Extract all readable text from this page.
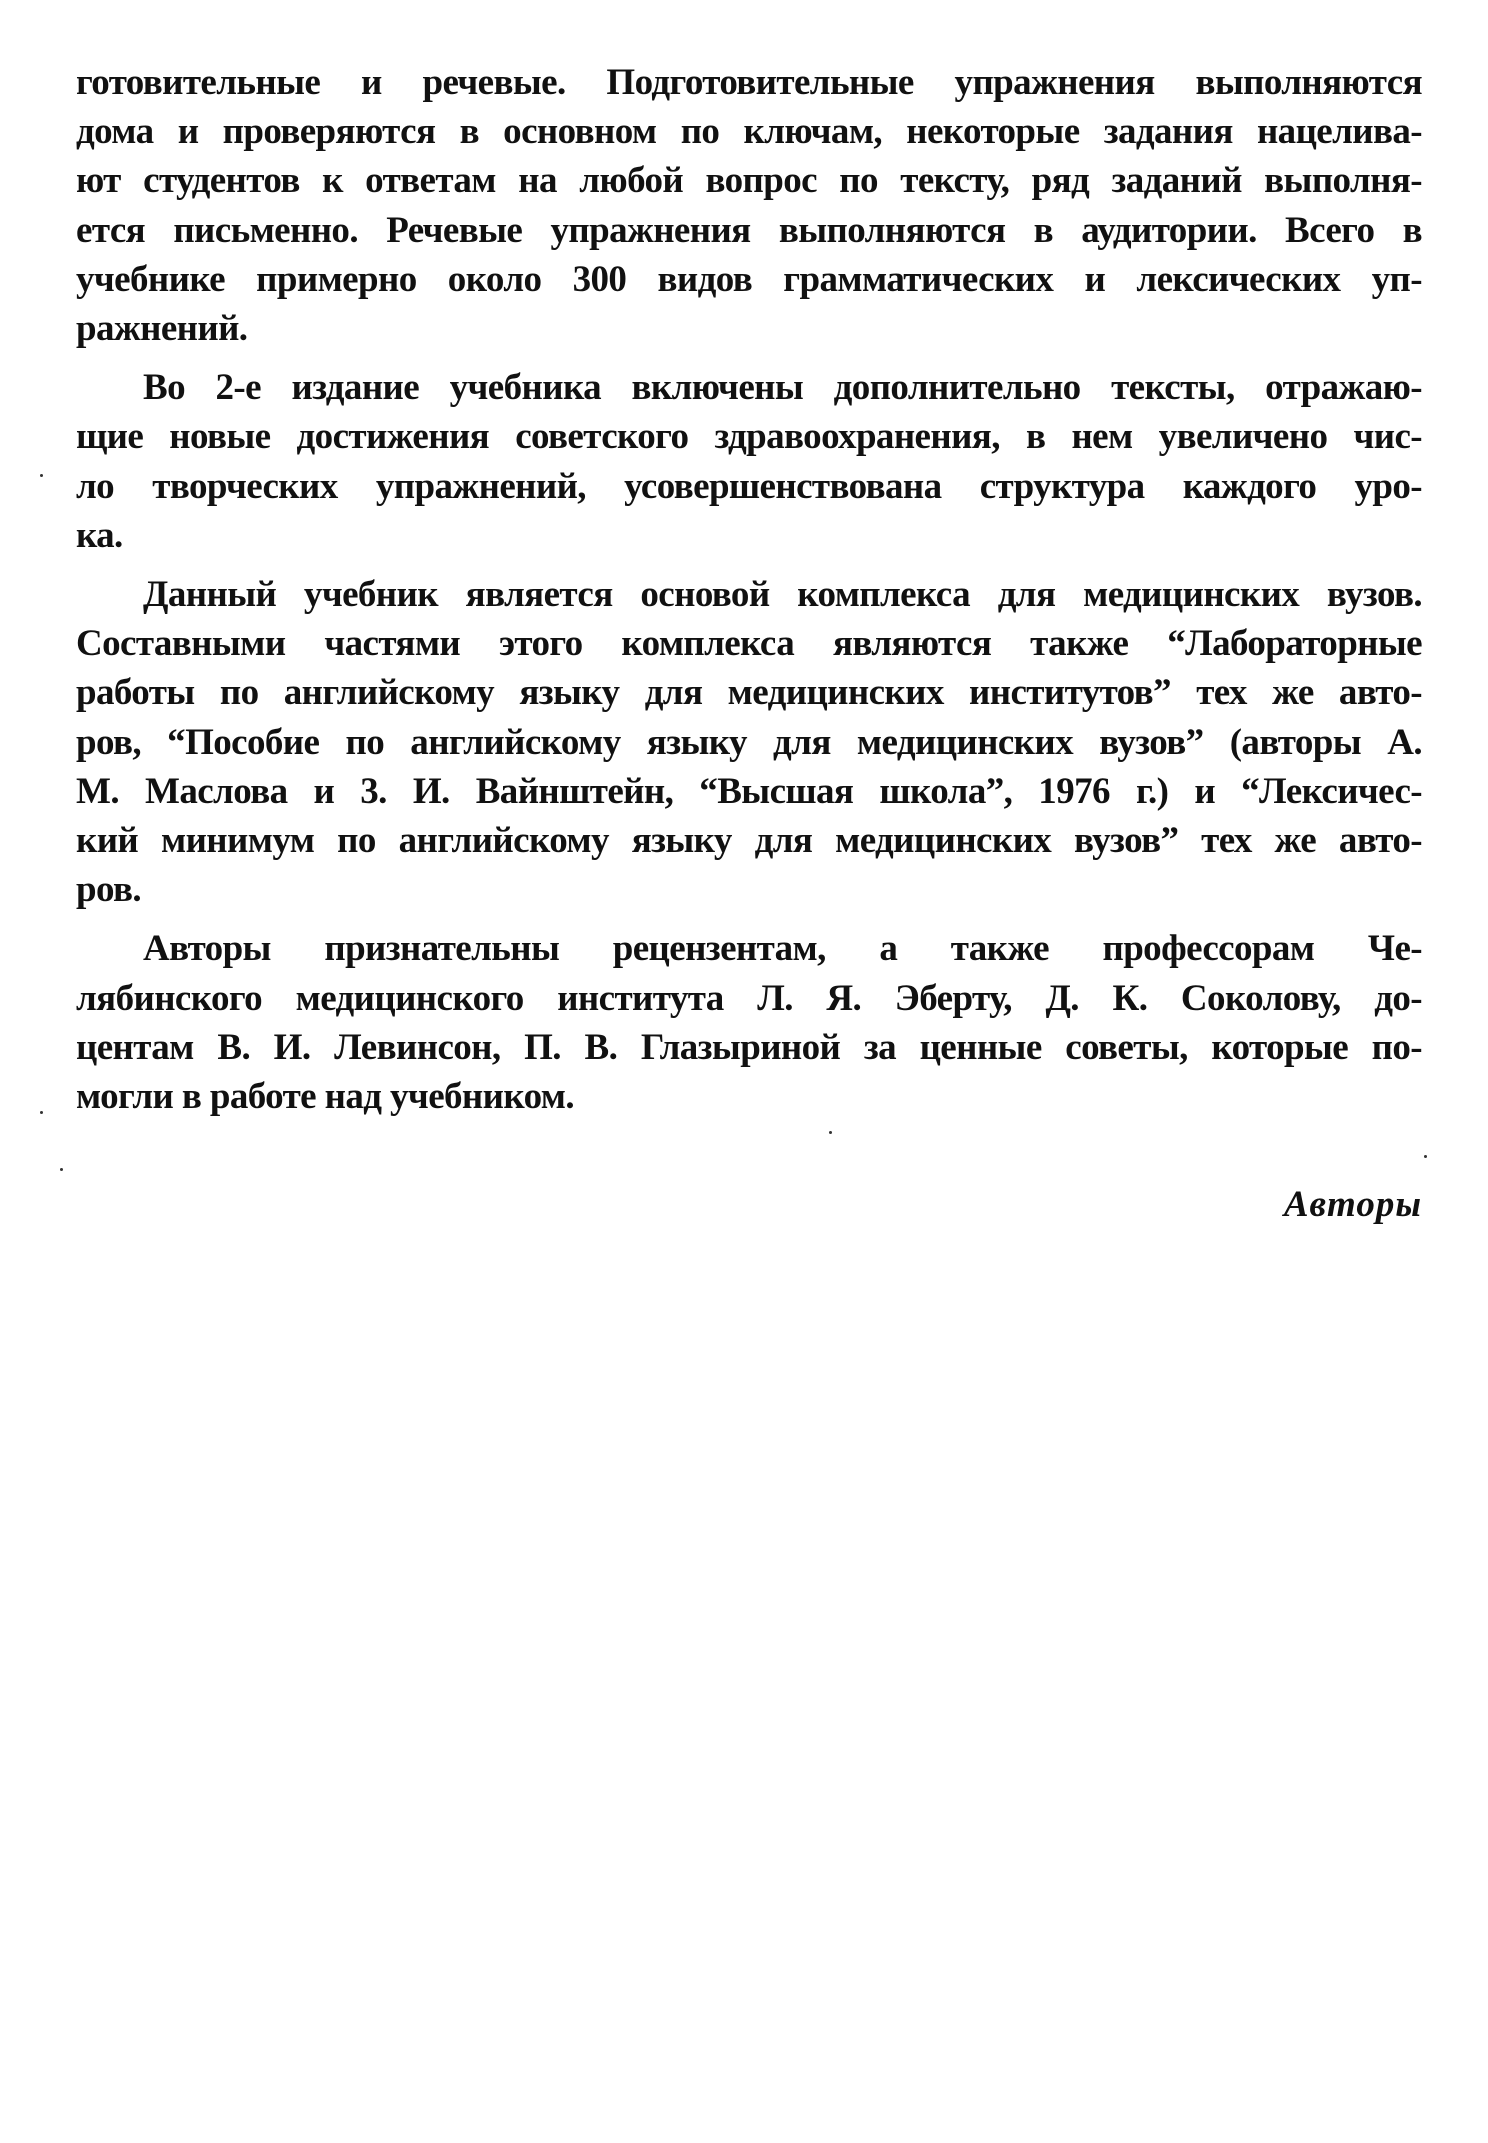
готовительные и речевые. Подготовительные упражнения выполняются

дома и проверяются в основном по ключам, некоторые задания нацелива-

ют студентов к ответам на любой вопрос по тексту, ряд заданий выполня-

ется письменно. Речевые упражнения выполняются в аудитории. Всего в

учебнике примерно около 300 видов грамматических и лексических уп-

ражнений.

Во 2-е издание учебника включены дополнительно тексты, отражаю-

щие новые достижения советского здравоохранения, в нем увеличено чис-

ло творческих упражнений, усовершенствована структура каждого уро-

ка.

Данный учебник является основой комплекса для медицинских вузов.

Составными частями этого комплекса являются также “Лабораторные

работы по английскому языку для медицинских институтов” тех же авто-

ров, “Пособие по английскому языку для медицинских вузов” (авторы А.

М. Маслова и 3. И. Вайнштейн, “Высшая школа”, 1976 г.) и “Лексичес-

кий минимум по английскому языку для медицинских вузов” тех же авто-

ров.

Авторы признательны рецензентам, а также профессорам Че-

лябинского медицинского института Л. Я. Эберту, Д. К. Соколову, до-

центам В. И. Левинсон, П. В. Глазыриной за ценные советы, которые по-

могли в работе над учебником.

Авторы
